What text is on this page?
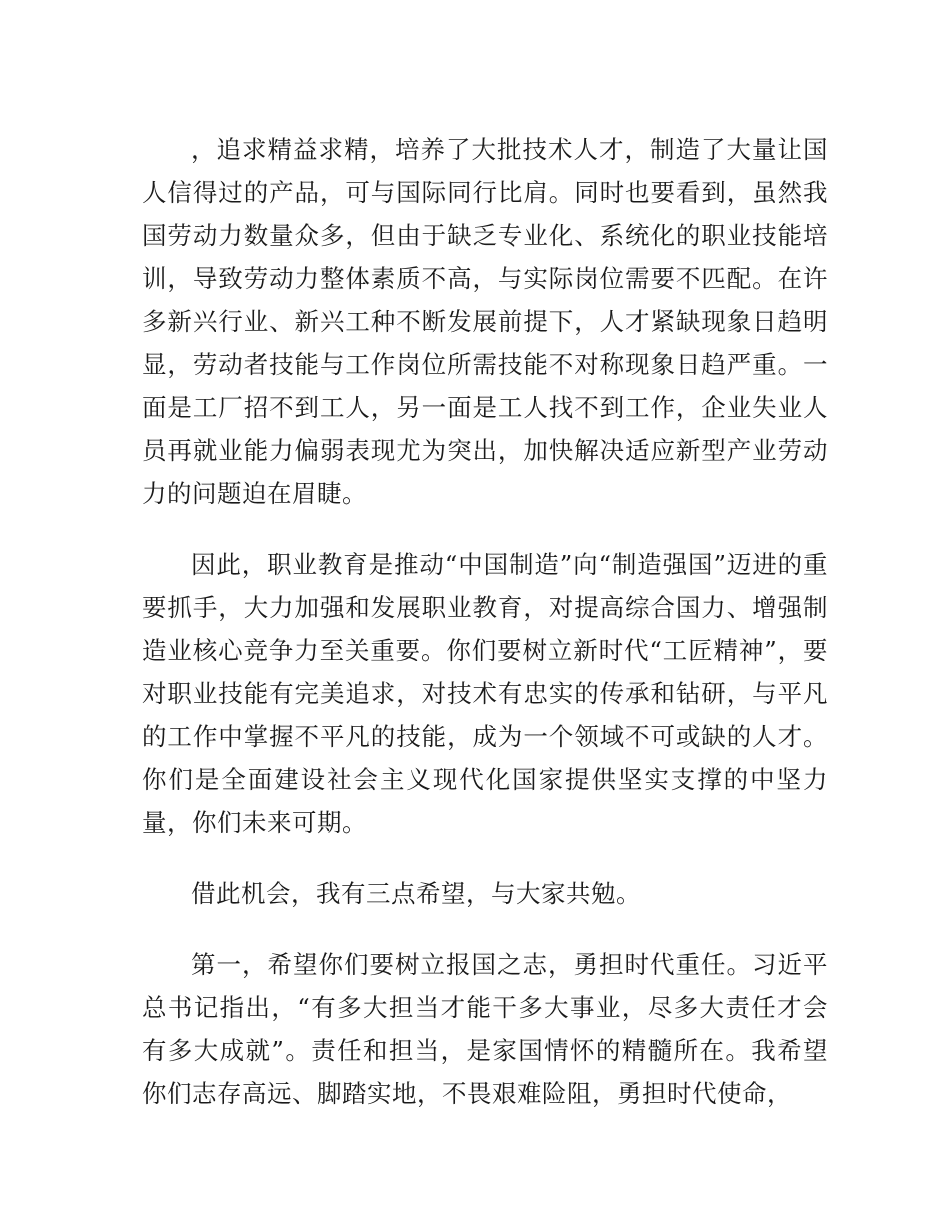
，追求精益求精，培养了大批技术人才，制造了大量让国人信得过的产品，可与国际同行比肩。同时也要看到，虽然我国劳动力数量众多，但由于缺乏专业化、系统化的职业技能培训，导致劳动力整体素质不高，与实际岗位需要不匹配。在许多新兴行业、新兴工种不断发展前提下，人才紧缺现象日趋明显，劳动者技能与工作岗位所需技能不对称现象日趋严重。一面是工厂招不到工人，另一面是工人找不到工作，企业失业人员再就业能力偏弱表现尤为突出，加快解决适应新型产业劳动力的问题迫在眉睫。

因此，职业教育是推动“中国制造”向“制造强国”迈进的重要抓手，大力加强和发展职业教育，对提高综合国力、增强制造业核心竞争力至关重要。你们要树立新时代“工匠精神”，要对职业技能有完美追求，对技术有忠实的传承和钻研，与平凡的工作中掌握不平凡的技能，成为一个领域不可或缺的人才。你们是全面建设社会主义现代化国家提供坚实支撑的中坚力量，你们未来可期。

借此机会，我有三点希望，与大家共勉。

第一，希望你们要树立报国之志，勇担时代重任。习近平总书记指出，“有多大担当才能干多大事业，尽多大责任才会有多大成就”。责任和担当，是家国情怀的精髓所在。我希望你们志存高远、脚踏实地，不畏艰难险阻，勇担时代使命，
